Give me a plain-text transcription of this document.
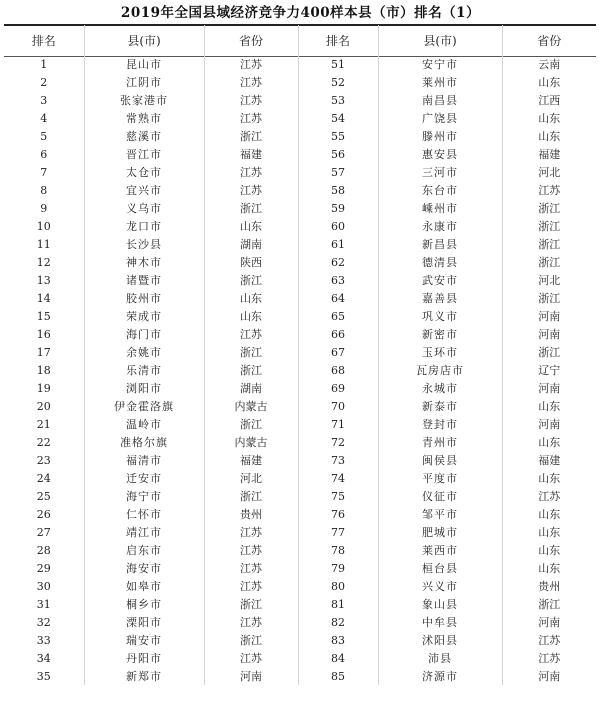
2019年全国县域经济竞争力400样本县（市）排名（1）
排名	县(市)	省份	排名	县(市)	省份
1	昆山市	江苏	51	安宁市	云南
2	江阴市	江苏	52	莱州市	山东
3	张家港市	江苏	53	南昌县	江西
4	常熟市	江苏	54	广饶县	山东
5	慈溪市	浙江	55	滕州市	山东
6	晋江市	福建	56	惠安县	福建
7	太仓市	江苏	57	三河市	河北
8	宜兴市	江苏	58	东台市	江苏
9	义乌市	浙江	59	嵊州市	浙江
10	龙口市	山东	60	永康市	浙江
11	长沙县	湖南	61	新昌县	浙江
12	神木市	陕西	62	德清县	浙江
13	诸暨市	浙江	63	武安市	河北
14	胶州市	山东	64	嘉善县	浙江
15	荣成市	山东	65	巩义市	河南
16	海门市	江苏	66	新密市	河南
17	余姚市	浙江	67	玉环市	浙江
18	乐清市	浙江	68	瓦房店市	辽宁
19	浏阳市	湖南	69	永城市	河南
20	伊金霍洛旗	内蒙古	70	新泰市	山东
21	温岭市	浙江	71	登封市	河南
22	准格尔旗	内蒙古	72	青州市	山东
23	福清市	福建	73	闽侯县	福建
24	迁安市	河北	74	平度市	山东
25	海宁市	浙江	75	仪征市	江苏
26	仁怀市	贵州	76	邹平市	山东
27	靖江市	江苏	77	肥城市	山东
28	启东市	江苏	78	莱西市	山东
29	海安市	江苏	79	桓台县	山东
30	如皋市	江苏	80	兴义市	贵州
31	桐乡市	浙江	81	象山县	浙江
32	溧阳市	江苏	82	中牟县	河南
33	瑞安市	浙江	83	沭阳县	江苏
34	丹阳市	江苏	84	沛县	江苏
35	新郑市	河南	85	济源市	河南
